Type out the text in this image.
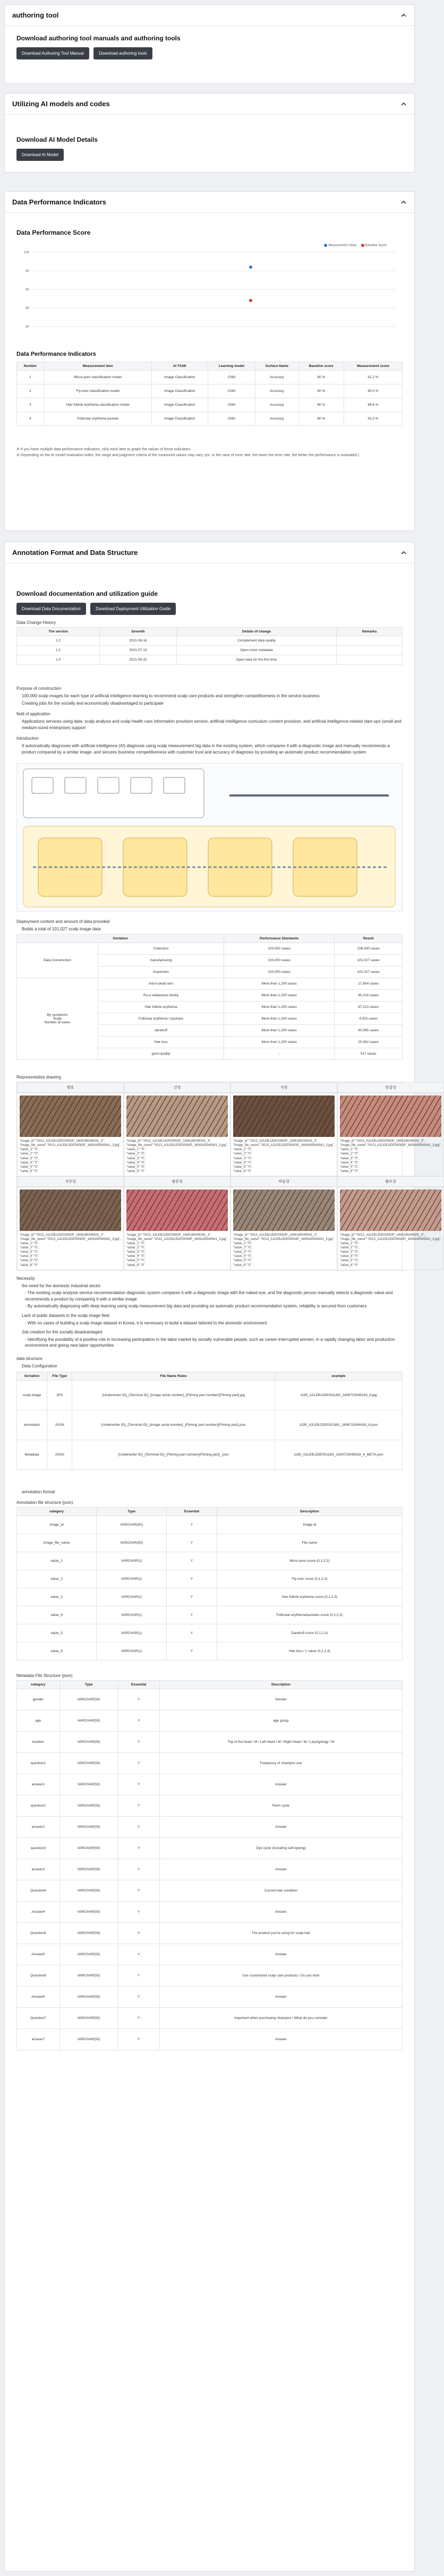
authoring tool
Download authoring tool manuals and authoring tools
Download Authoring Tool Manual	Download authoring tools
Utilizing AI models and codes
Download AI Model Details
Download AI Model
Data Performance Indicators
Data Performance Score
Measurement Value	Baseline Score
100
95
90
85
80
Data Performance Indicators
Number	Measurement item	AI TASK	Learning model	Surface Name	Baseline score	Measurement score
1	Micro-pore classification model	Image Classification	CNN	Accuracy	80 %	91.2 %
2	Fly-over classification model	Image Classification	CNN	Accuracy	80 %	90.3 %
3	Hair follicle erythema classification model	Image Classification	CNN	Accuracy	80 %	89.6 %
4	Follicular erythema pustule	Image Classification	CNN	Accuracy	80 %	91.0 %

※ If you have multiple data performance indicators, click each item to graph the values of those indicators.

※ Depending on the AI model evaluation index, the range and judgment criteria of the measured values may vary. (ex. In the case of error rate, the lower the error rate, the better the performance is evaluated.)

Annotation Format and Data Structure
Download documentation and utilization guide
Download Data Documentation	Download Deployment Utilization Guide
Data Change History
The version	Seventh	Details of change	Remarks
1.2	2021-08-16	Complement data quality	
1.1	2021-07-13	Open more metadata	
1.0	2021-06-10	Open data for the first time	
Purpose of construction

100,000 scalp images for each type of artificial intelligence learning to recommend scalp care products and strengthen competitiveness in the service business

Creating jobs for the socially and economically disadvantaged to participate

field of application

Applications services using data: scalp analysis and scalp health care information provision service, artificial intelligence curriculum content provision, and artificial intelligence-related start-ups (small and medium-sized enterprises support

Introduction

It automatically diagnoses with artificial intelligence (AI) diagnosis using scalp measurement big data in the existing system, which compares it with a diagnostic image and manually recommends a product compared by a similar image, and secures business competitiveness with customer trust and accuracy of diagnosis by providing an automatic product recommendation system

Deployment content and amount of data provided

Builds a total of 101,027 scalp image data

Sortation		Performance Standards	Result
Data Construction	Collection	100,000 cases	106,000 cases
	manufacturing	100,000 cases	101,027 cases
	Inspection	100,000 cases	101,027 cases
By symptoms
Scalp
Number of cases	micro-dead skin	More than 1,200 cases	17,654 cases
	Ro-a sebaceous family	More than 1,200 cases	80,216 cases
	Hair follicle erythema	More than 1,200 cases	87,213 cases
	Follicular erythema / pustules	More than 1,200 cases	4,002 cases
	dandruff	More than 1,200 cases	40,065 cases
	Hair loss	More than 1,200 cases	20,062 cases
	good quality	-	517 cases
Representative drawing
양호	건성	지성	민감성
"image_id":"0013_A2LEBJJDE00063P_1606185049341_3",
"image_file_name":"0013_A2LEBJJDE00063P_1606185049341_3.jpg",
"value_1":"0",
"value_2":"0",
"value_3":"0",
"value_4":"0",
"value_5":"0",
"value_6":"0"
"image_id":"0013_A2LEBJJDE00063P_1606185049341_3",
"image_file_name":"0013_A2LEBJJDE00063P_1606185049341_3.jpg",
"value_1":"0",
"value_2":"0",
"value_3":"0",
"value_4":"0",
"value_5":"0",
"value_6":"0"
"image_id":"0013_A2LEBJJDE00063P_1606185049341_3",
"image_file_name":"0013_A2LEBJJDE00063P_1606185049341_3.jpg",
"value_1":"0",
"value_2":"0",
"value_3":"0",
"value_4":"0",
"value_5":"0",
"value_6":"0"
"image_id":"0013_A2LEBJJDE00063P_1606185049341_3",
"image_file_name":"0013_A2LEBJJDE00063P_1606185049341_3.jpg",
"value_1":"0",
"value_2":"0",
"value_3":"0",
"value_4":"0",
"value_5":"0",
"value_6":"0"
지루성	염증성	비듬성	탈모성
"image_id":"0013_A2LEBJJDE00063P_1606185049341_3",
"image_file_name":"0013_A2LEBJJDE00063P_1606185049341_3.jpg",
"value_1":"0",
"value_2":"0",
"value_3":"0",
"value_4":"0",
"value_5":"0",
"value_6":"0"
"image_id":"0013_A2LEBJJDE00063P_1606185049341_3",
"image_file_name":"0013_A2LEBJJDE00063P_1606185049341_3.jpg",
"value_1":"0",
"value_2":"0",
"value_3":"0",
"value_4":"0",
"value_5":"0",
"value_6":"0"
"image_id":"0013_A2LEBJJDE00063P_1606185049341_3",
"image_file_name":"0013_A2LEBJJDE00063P_1606185049341_3.jpg",
"value_1":"0",
"value_2":"0",
"value_3":"0",
"value_4":"0",
"value_5":"0",
"value_6":"0"
"image_id":"0013_A2LEBJJDE00063P_1606185049341_3",
"image_file_name":"0013_A2LEBJJDE00063P_1606185049341_3.jpg",
"value_1":"0",
"value_2":"0",
"value_3":"0",
"value_4":"0",
"value_5":"0",
"value_6":"0"
Necessity

the need for the domestic industrial sector

- The existing scalp analysis service recommendation diagnostic system compares it with a diagnostic image with the naked eye, and the diagnostic person manually selects a diagnostic value and recommends a product by comparing it with a similar image

- By automatically diagnosing with deep learning using scalp measurement big data and providing an automatic product recommendation system, reliability is secured from customers

Lack of public datasets in the scalp image field

- With no cases of building a scalp image dataset in Korea, it is necessary to build a dataset tailored to the domestic environment

Job creation for the socially disadvantaged

- Identifying the possibility of a positive role in increasing participation in the labor market by socially vulnerable people, such as career-interrupted women, in a rapidly changing labor and production environment and giving new labor opportunities

data structure

Data Configuration

Sortation	File Type	File Name Rules	example
scalp image	JPG	{Underwriter ID}_{Terminal ID}_{Image serial number}_{Filming part number}{Filming part}.jpg	1195_A2LEBJJDE00118G_1606723049163_6.jpg
annotation	JSON	{Underwriter ID}_{Terminal ID}_{Image serial number}_{Filming part number}{Filming part}.json	1195_A2LEBJJDE00118G_1606723049163_6.json
Metadata	JSON	{Underwriter ID}_{Terminal ID}_{Filming part number}{Filming part}_.json	1195_A2LEBJJDE00118G_1606723049163_6_META.json

annotation format

Annotation file structure (json)
category	Type	Essential	Description
image_id	VARCHAR(50)	Y	Image id
image_file_name	VARCHAR(50)	Y	File name
value_1	VARCHAR(1)	Y	Micro-pore score (0,1,2,3)
value_2	VARCHAR(1)	Y	Fly-over score (0,1,2,3)
value_3	VARCHAR(1)	Y	Hair follicle erythema score (0,1,2,3)
value_4	VARCHAR(1)	Y	Follicular erythema/pustules score (0,1,2,3)
value_5	VARCHAR(1)	Y	Dandruff score (0,1,2,3)
value_6	VARCHAR(1)	Y	Hair loss / 1 value (0,1,2,3)
Metadata File Structure (json)
category	Type	Essential	Description
gender	VARCHAR(50)	Y	Gender
age	VARCHAR(50)	Y	age group
location	VARCHAR(50)	Y	Top of the head / M / Left Hand / M / Right Head / M / Laryngology / M
question1	VARCHAR(50)	Y	Frequency of shampoo use
answer1	VARCHAR(50)	Y	Answer
question2	VARCHAR(50)	Y	Perm cycle
answer2	VARCHAR(50)	Y	Answer
question3	VARCHAR(50)	Y	Dye cycle (including self-dyeing)
answer3	VARCHAR(50)	Y	Answer
Question4	VARCHAR(50)	Y	Current hair condition
Answer4	VARCHAR(50)	Y	Answer
Question5	VARCHAR(50)	Y	The product you're using for scalp hair
Answer5	VARCHAR(50)	Y	Answer
Question6	VARCHAR(50)	Y	Use customized scalp care products / Do you wish
Answer6	VARCHAR(50)	Y	Answer
Question7	VARCHAR(50)	Y	Important when purchasing shampoo / What do you consider
answer7	VARCHAR(50)	Y	Answer
